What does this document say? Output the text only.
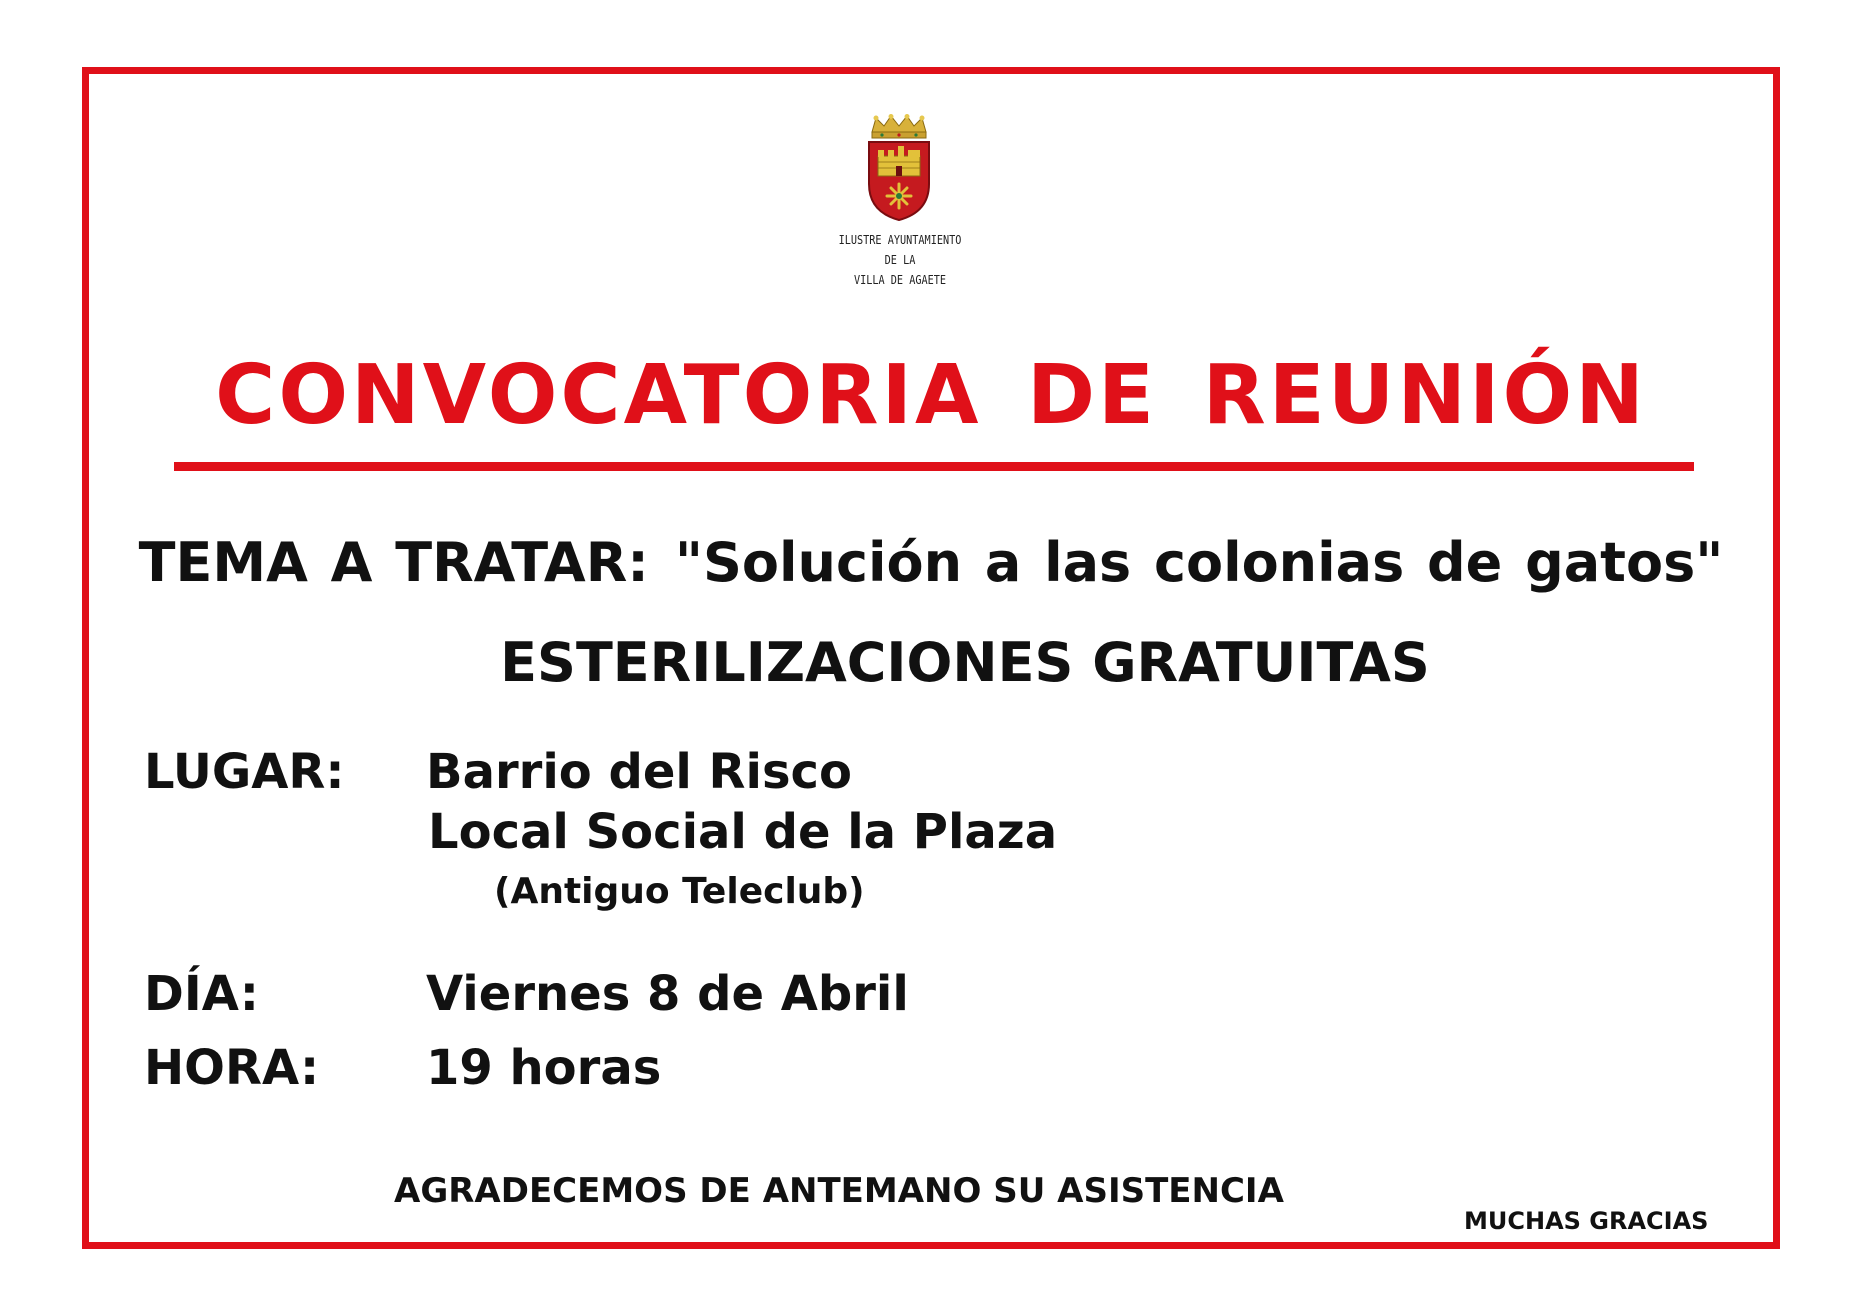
ILUSTRE AYUNTAMIENTO
DE LA
VILLA DE AGAETE
CONVOCATORIA DE REUNIÓN
TEMA A TRATAR: "Solución a las colonias de gatos"
ESTERILIZACIONES GRATUITAS
LUGAR: Barrio del Risco
Local Social de la Plaza
(Antiguo Teleclub)
DÍA:	Viernes 8 de Abril
HORA: 19 horas
AGRADECEMOS DE ANTEMANO SU ASISTENCIA
MUCHAS GRACIAS
